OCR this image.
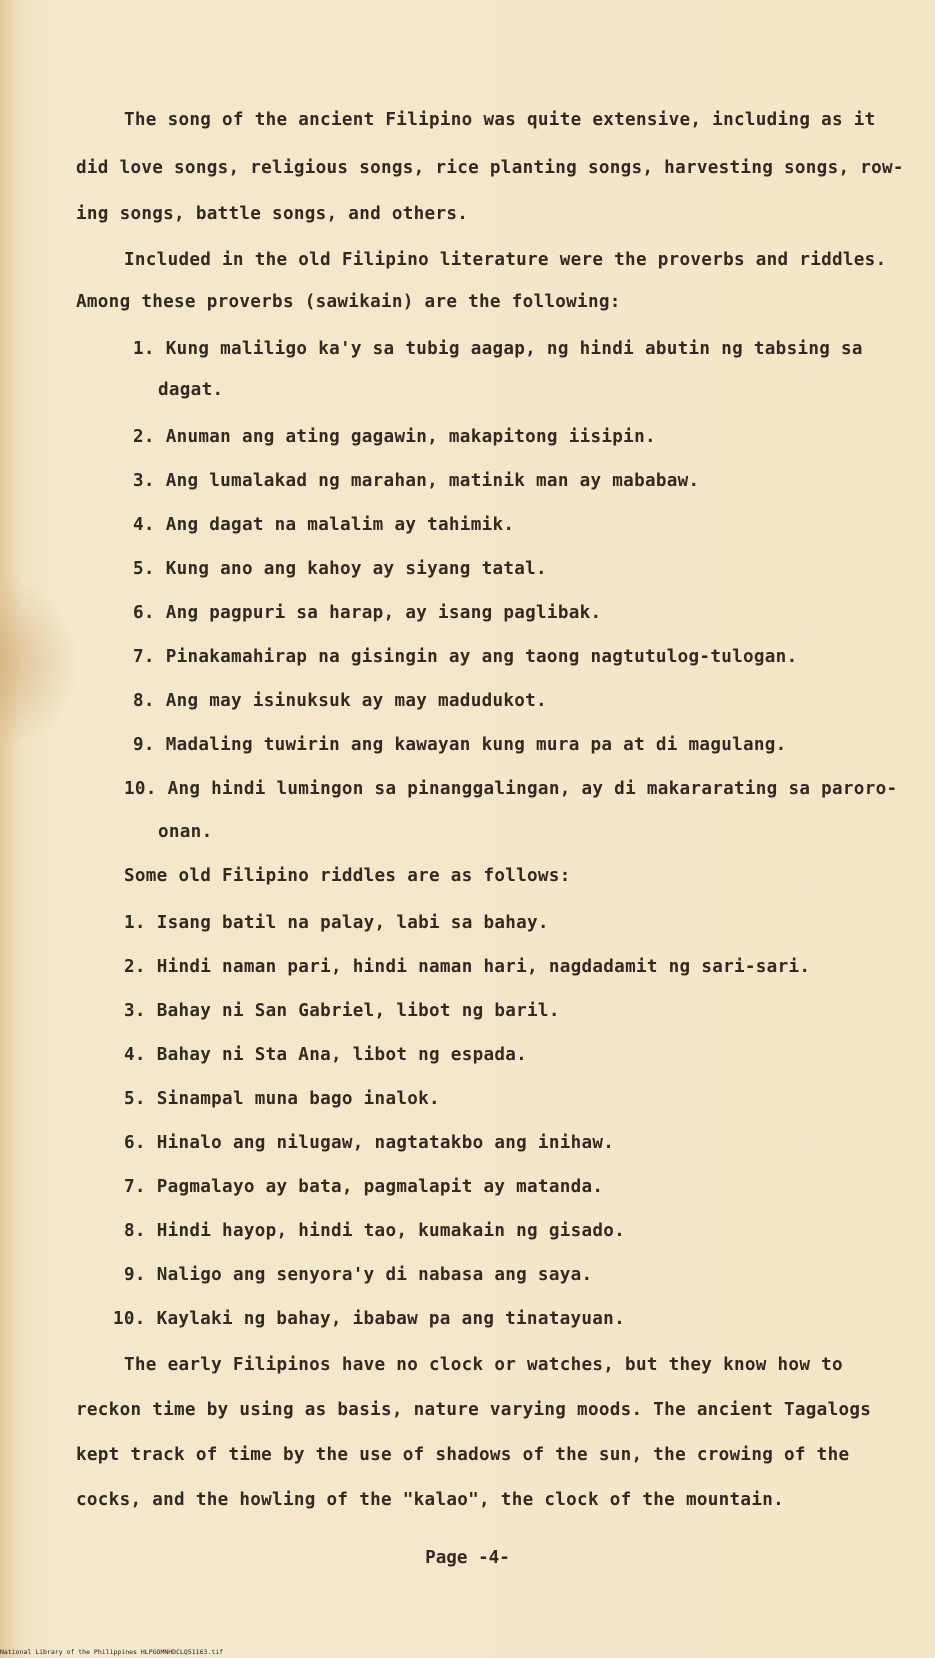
The song of the ancient Filipino was quite extensive, including as it
did love songs, religious songs, rice planting songs, harvesting songs, row-
ing songs, battle songs, and others.
Included in the old Filipino literature were the proverbs and riddles.
Among these proverbs (sawikain) are the following:
1. Kung maliligo ka'y sa tubig aagap, ng hindi abutin ng tabsing sa
dagat.
2. Anuman ang ating gagawin, makapitong iisipin.
3. Ang lumalakad ng marahan, matinik man ay mababaw.
4. Ang dagat na malalim ay tahimik.
5. Kung ano ang kahoy ay siyang tatal.
6. Ang pagpuri sa harap, ay isang paglibak.
7. Pinakamahirap na gisingin ay ang taong nagtutulog-tulogan.
8. Ang may isinuksuk ay may madudukot.
9. Madaling tuwirin ang kawayan kung mura pa at di magulang.
10. Ang hindi lumingon sa pinanggalingan, ay di makararating sa paroro-
onan.
Some old Filipino riddles are as follows:
1. Isang batil na palay, labi sa bahay.
2. Hindi naman pari, hindi naman hari, nagdadamit ng sari-sari.
3. Bahay ni San Gabriel, libot ng baril.
4. Bahay ni Sta Ana, libot ng espada.
5. Sinampal muna bago inalok.
6. Hinalo ang nilugaw, nagtatakbo ang inihaw.
7. Pagmalayo ay bata, pagmalapit ay matanda.
8. Hindi hayop, hindi tao, kumakain ng gisado.
9. Naligo ang senyora'y di nabasa ang saya.
10. Kaylaki ng bahay, ibabaw pa ang tinatayuan.
The early Filipinos have no clock or watches, but they know how to
reckon time by using as basis, nature varying moods. The ancient Tagalogs
kept track of time by the use of shadows of the sun, the crowing of the
cocks, and the howling of the "kalao", the clock of the mountain.
Page -4-
National Library of the Philippines HLPGOMNHDCLQ51163.tif
